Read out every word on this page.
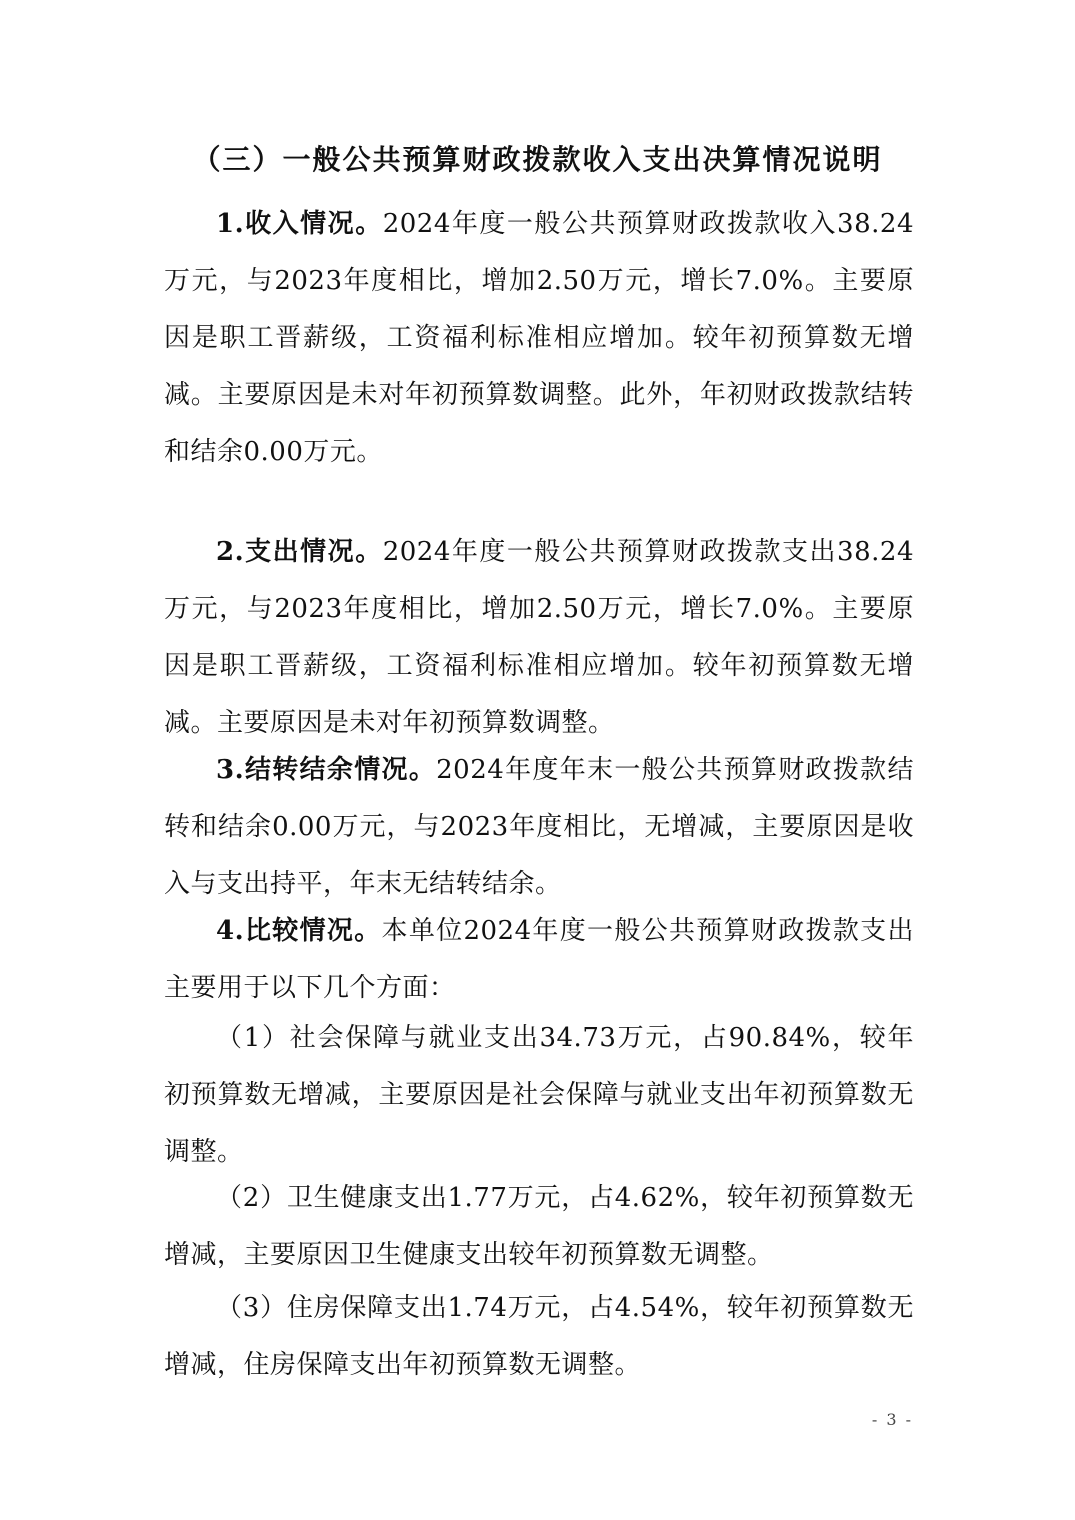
（三）一般公共预算财政拨款收入支出决算情况说明

1.收入情况。2024年度一般公共预算财政拨款收入38.24万元，与2023年度相比，增加2.50万元，增长7.0%。主要原因是职工晋薪级，工资福利标准相应增加。较年初预算数无增减。主要原因是未对年初预算数调整。此外，年初财政拨款结转和结余0.00万元。

2.支出情况。2024年度一般公共预算财政拨款支出38.24万元，与2023年度相比，增加2.50万元，增长7.0%。主要原因是职工晋薪级，工资福利标准相应增加。较年初预算数无增减。主要原因是未对年初预算数调整。

3.结转结余情况。2024年度年末一般公共预算财政拨款结转和结余0.00万元，与2023年度相比，无增减，主要原因是收入与支出持平，年末无结转结余。

4.比较情况。本单位2024年度一般公共预算财政拨款支出主要用于以下几个方面：

（1）社会保障与就业支出34.73万元，占90.84%，较年初预算数无增减，主要原因是社会保障与就业支出年初预算数无调整。

（2）卫生健康支出1.77万元，占4.62%，较年初预算数无增减，主要原因卫生健康支出较年初预算数无调整。

（3）住房保障支出1.74万元，占4.54%，较年初预算数无增减，住房保障支出年初预算数无调整。

- 3 -
